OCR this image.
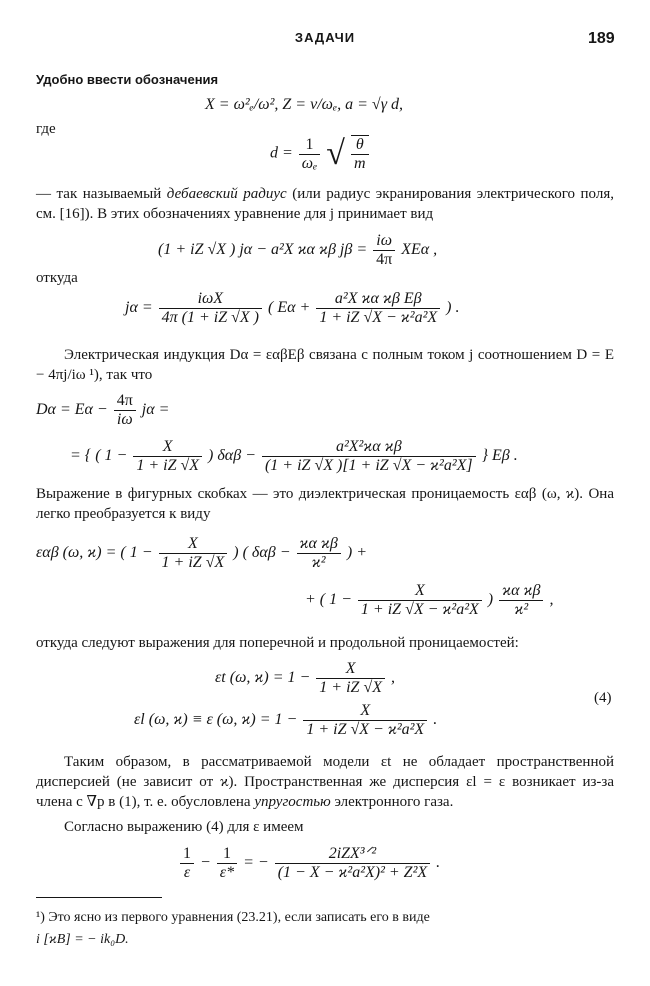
ЗАДАЧИ	189
Удобно ввести обозначения
X = ω²ₑ/ω², Z = ν/ωₑ, a = √γ d,
где
$d = \frac{1}{\text{ωₑ}}$ √ $\frac{\theta}{m}$
— так называемый дебаевский радиус (или радиус экранирования электрического поля, см. [16]). В этих обозначениях уравнение для j принимает вид
(1 + iZ √X ) jα − a²X ϰα ϰβ $j\beta = \frac{i\omega}{4\pi}$ XEα ,
откуда
$j\alpha = \frac{\text{iωX}}{4\pi (1 + iZ √X )}$ ( $E\alpha + \frac{\text{a²X ϰα ϰβ Eβ}}{\text{1 + iZ √X − ϰ²a²X}}$ ) .
Электрическая индукция Dα = εαβEβ связана с полным током j соотношением D = E − 4πj/iω ¹), так что
$D\alpha = E\alpha - \frac{4\pi}{i\omega}$ jα =
= { ( $1 - \frac{X}{1 + iZ √X}$ ) $\delta\alpha\beta - \frac{\text{a²X²ϰα ϰβ}}{\text{(1 + iZ √X )[1 + iZ √X − ϰ²a²X]}}$ } Eβ .
Выражение в фигурных скобках — это диэлектрическая проницаемость εαβ (ω, ϰ). Она легко преобразуется к виду
εαβ (ω, ϰ) = ( $1 - \frac{X}{1 + iZ √X}$ ) ( $\delta\alpha\beta - \frac{\text{ϰα ϰβ}}{\text{ϰ²}}$ ) +
+ ( $1 - \frac{X}{\text{1 + iZ √X − ϰ²a²X}}$ ) $\frac{\text{ϰα ϰβ}}{\text{ϰ²}}$ ,
откуда следуют выражения для поперечной и продольной проницаемостей:
εt (ω, $ϰ) = 1 - \frac{X}{1 + iZ √X}$ ,
εl (ω, ϰ) ≡ ε (ω, $ϰ) = 1 - \frac{X}{\text{1 + iZ √X − ϰ²a²X}}$ .
(4)
Таким образом, в рассматриваемой модели εt не обладает пространственной дисперсией (не зависит от ϰ). Пространственная же дисперсия εl = ε возникает из-за члена с ∇p в (1), т. е. обусловлена упругостью электронного газа.
Согласно выражению (4) для ε имеем
$\frac{1}{\varepsilon} - \frac{1}{\varepsilon*}$ = − $\frac{\text{2iZX³ᐟ²}}{\text{(1 − X − ϰ²a²X)² + Z²X}}$ .
¹) Это ясно из первого уравнения (23.21), если записать его в виде
i [ϰB] = − ik₀D.
